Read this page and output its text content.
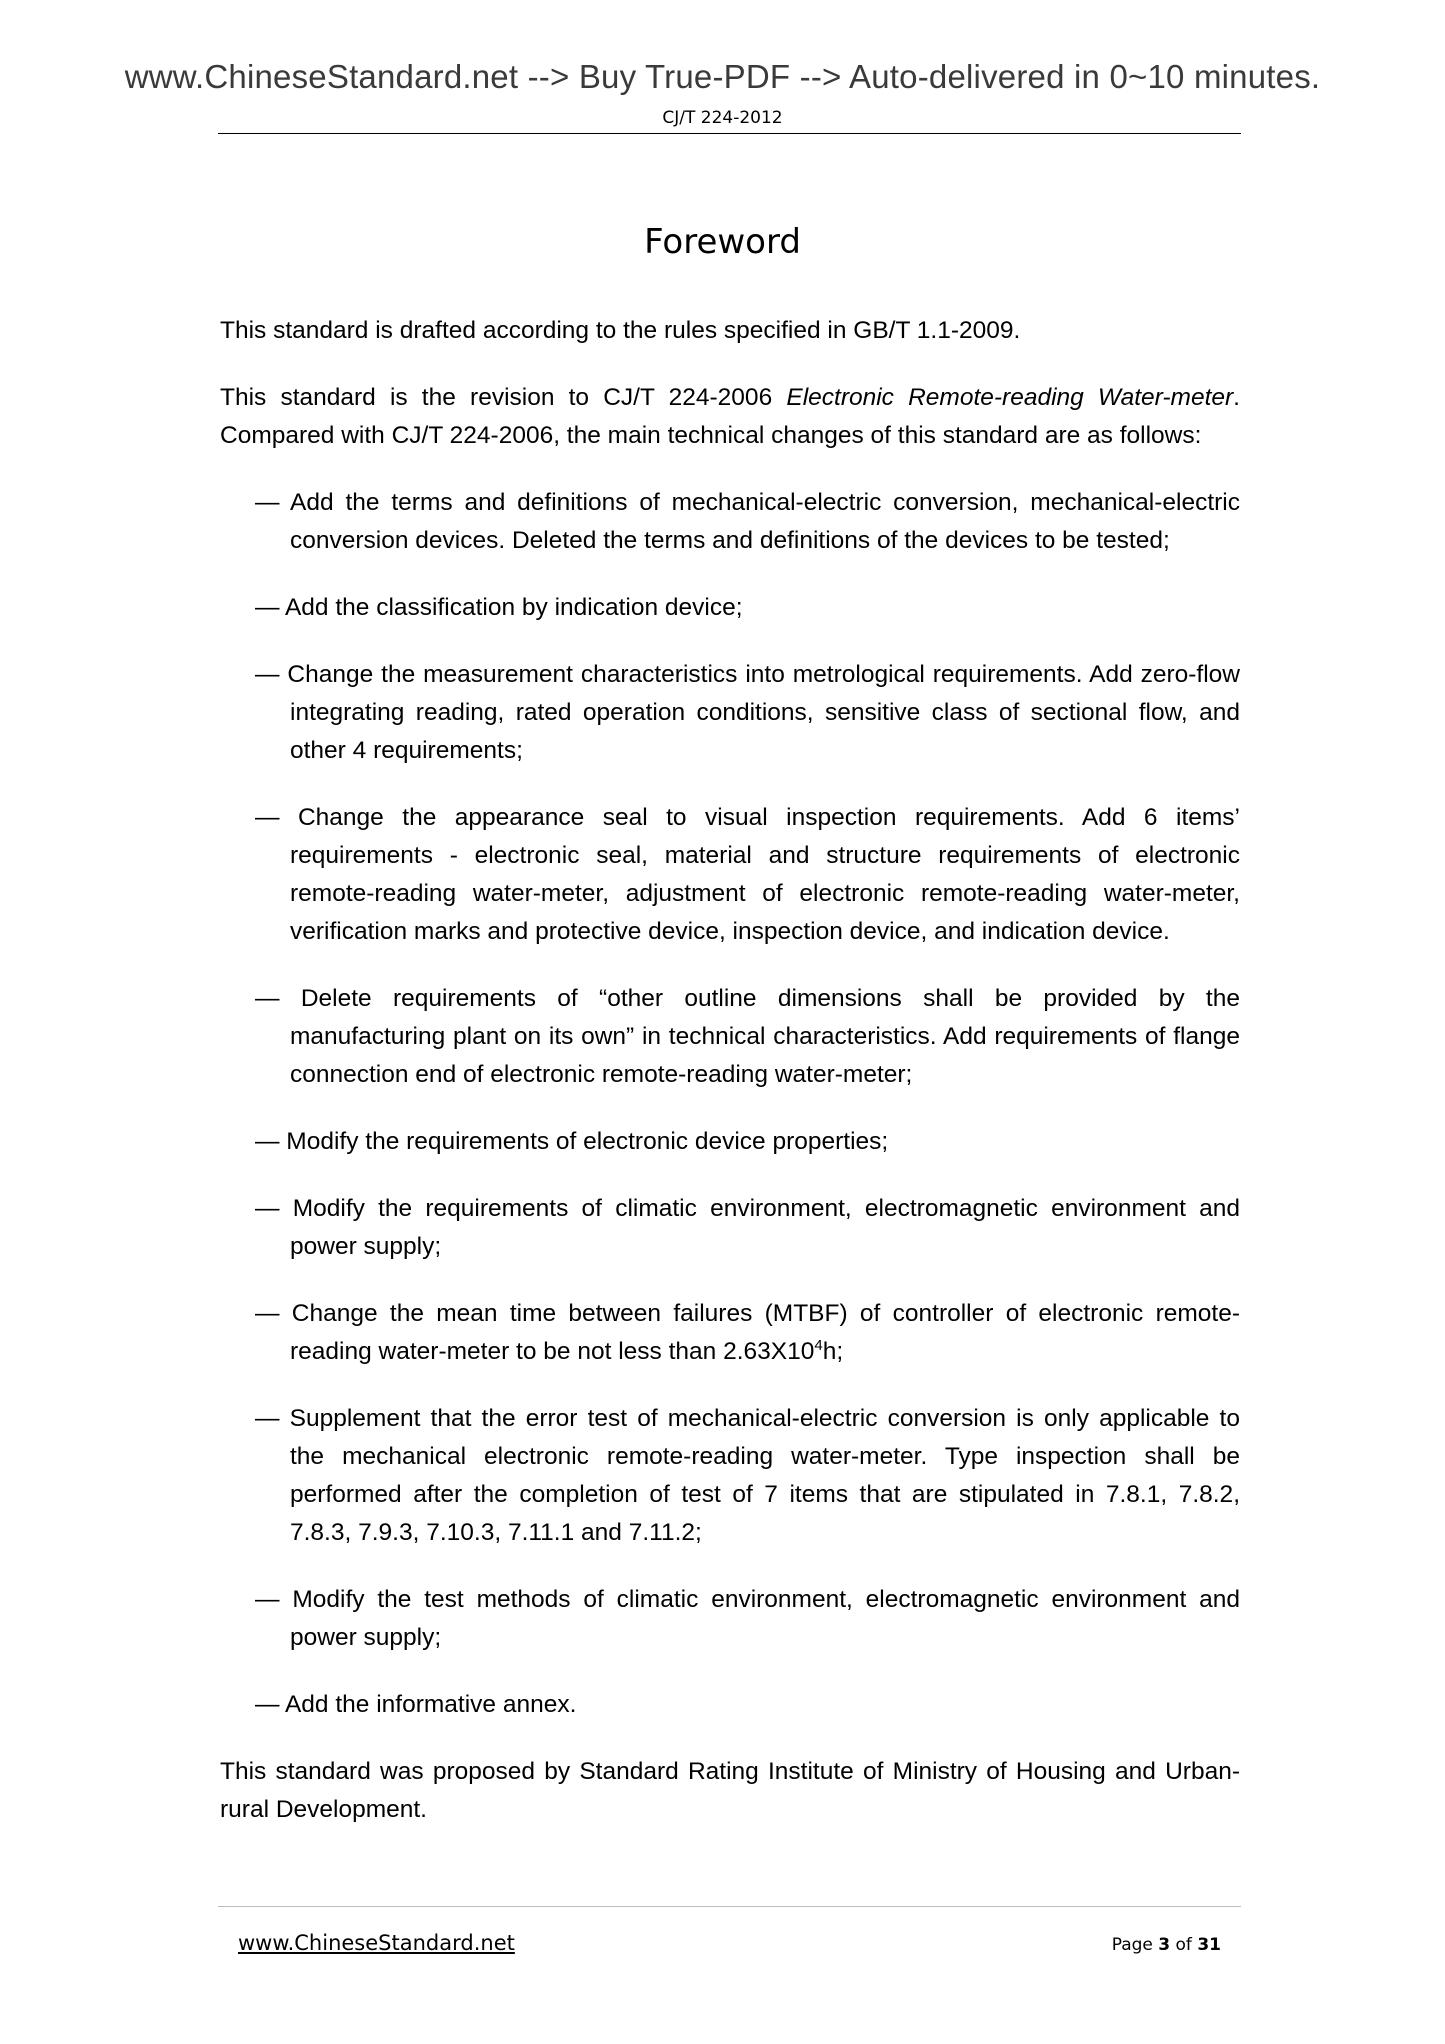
www.ChineseStandard.net --> Buy True-PDF --> Auto-delivered in 0~10 minutes.
CJ/T 224-2012
Foreword

This standard is drafted according to the rules specified in GB/T 1.1-2009.

This standard is the revision to CJ/T 224-2006 Electronic Remote-reading Water-meter. Compared with CJ/T 224-2006, the main technical changes of this standard are as follows:

— Add the terms and definitions of mechanical-electric conversion, mechanical-electric conversion devices. Deleted the terms and definitions of the devices to be tested;

— Add the classification by indication device;

— Change the measurement characteristics into metrological requirements. Add zero-flow integrating reading, rated operation conditions, sensitive class of sectional flow, and other 4 requirements;

— Change the appearance seal to visual inspection requirements. Add 6 items’ requirements - electronic seal, material and structure requirements of electronic remote-reading water-meter, adjustment of electronic remote-reading water-meter, verification marks and protective device, inspection device, and indication device.

— Delete requirements of “other outline dimensions shall be provided by the manufacturing plant on its own” in technical characteristics. Add requirements of flange connection end of electronic remote-reading water-meter;

— Modify the requirements of electronic device properties;

— Modify the requirements of climatic environment, electromagnetic environment and power supply;

— Change the mean time between failures (MTBF) of controller of electronic remote-reading water-meter to be not less than $2.63X10^4h$;

— Supplement that the error test of mechanical-electric conversion is only applicable to the mechanical electronic remote-reading water-meter. Type inspection shall be performed after the completion of test of 7 items that are stipulated in 7.8.1, 7.8.2, 7.8.3, 7.9.3, 7.10.3, 7.11.1 and 7.11.2;

— Modify the test methods of climatic environment, electromagnetic environment and power supply;

— Add the informative annex.

This standard was proposed by Standard Rating Institute of Ministry of Housing and Urban-rural Development.

www.ChineseStandard.net	Page 3 of 31
